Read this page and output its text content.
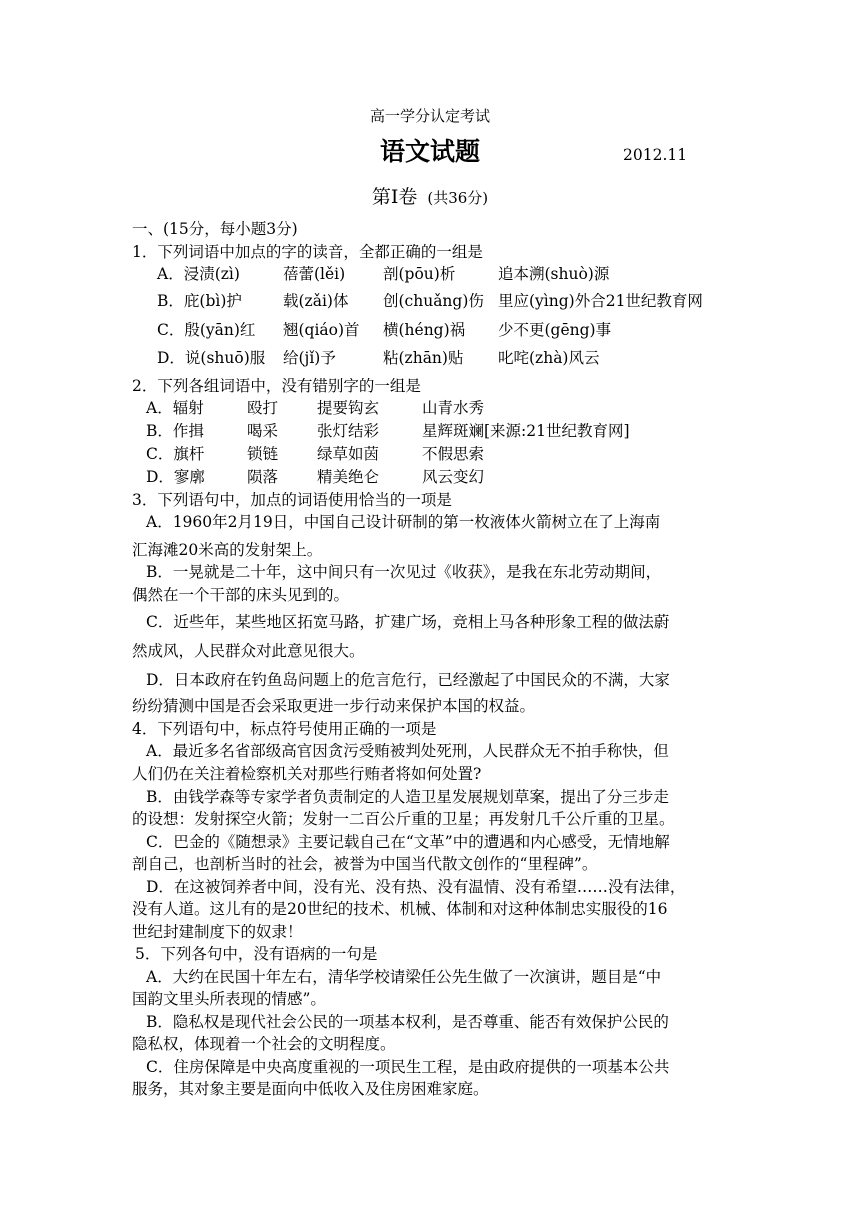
高一学分认定考试
语文试题	2012.11
第Ⅰ卷 (共36分)
一、(15分，每小题3分)
1．下列词语中加点的字的读音，全都正确的一组是
A．浸渍(zì)	蓓蕾(lěi) 剖(pōu)析	追本溯(shuò)源
B．庇(bì)护	载(zǎi)体 创(chuǎng)伤 里应(yìng)外合21世纪教育网
C．殷(yān)红 翘(qiáo)首 横(héng)祸 少不更(gēng)事
D．说(shuō)服 给(jǐ)予	粘(zhān)贴 叱咤(zhà)风云
2．下列各组词语中，没有错别字的一组是
A．辐射	殴打	提要钩玄	山青水秀
B．作揖	喝采	张灯结彩	星辉斑斓[来源:21世纪教育网]
C．旗杆	锁链	绿草如茵	不假思索
D．寥廓	陨落	精美绝仑	风云变幻
3．下列语句中，加点的词语使用恰当的一项是
A．1960年2月19日，中国自己设计研制的第一枚液体火箭树立在了上海南
汇海滩20米高的发射架上。
B．一晃就是二十年，这中间只有一次见过《收获》，是我在东北劳动期间，
偶然在一个干部的床头见到的。
C．近些年，某些地区拓宽马路，扩建广场，竞相上马各种形象工程的做法蔚
然成风，人民群众对此意见很大。
D．日本政府在钓鱼岛问题上的危言危行，已经激起了中国民众的不满，大家
纷纷猜测中国是否会采取更进一步行动来保护本国的权益。
4．下列语句中，标点符号使用正确的一项是
A．最近多名省部级高官因贪污受贿被判处死刑，人民群众无不拍手称快，但
人们仍在关注着检察机关对那些行贿者将如何处置?
B．由钱学森等专家学者负责制定的人造卫星发展规划草案，提出了分三步走
的设想：发射探空火箭；发射一二百公斤重的卫星；再发射几千公斤重的卫星。
C．巴金的《随想录》主要记载自己在“文革”中的遭遇和内心感受，无情地解
剖自己，也剖析当时的社会，被誉为中国当代散文创作的“里程碑”。
D．在这被饲养者中间，没有光、没有热、没有温情、没有希望……没有法律，
没有人道。这儿有的是20世纪的技术、机械、体制和对这种体制忠实服役的16
世纪封建制度下的奴隶！
5．下列各句中，没有语病的一句是
A．大约在民国十年左右，清华学校请梁任公先生做了一次演讲，题目是“中
国韵文里头所表现的情感”。
B．隐私权是现代社会公民的一项基本权利，是否尊重、能否有效保护公民的
隐私权，体现着一个社会的文明程度。
C．住房保障是中央高度重视的一项民生工程，是由政府提供的一项基本公共
服务，其对象主要是面向中低收入及住房困难家庭。
